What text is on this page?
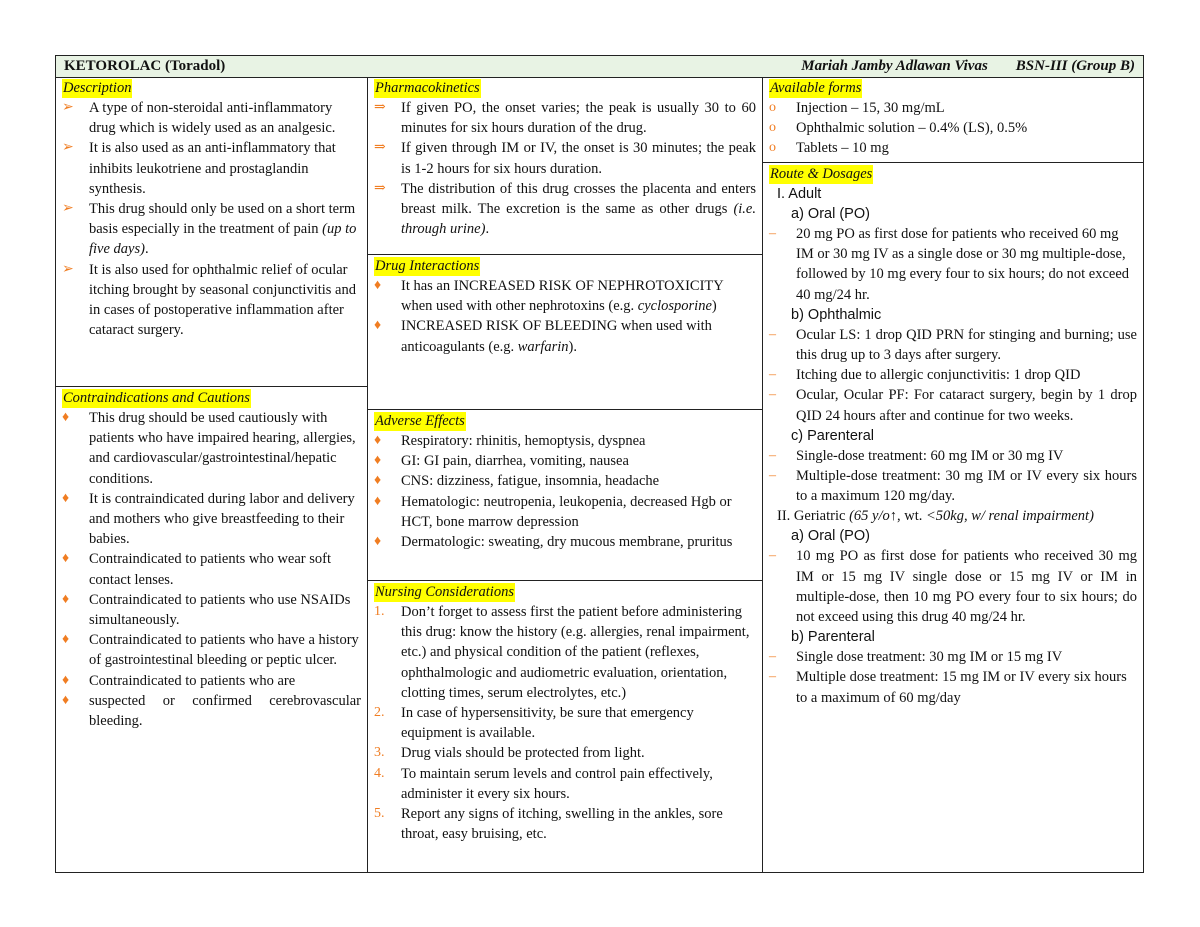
KETOROLAC (Toradol)	Mariah Jamby Adlawan Vivas BSN-III (Group B)
Description
➢	A type of non-steroidal anti-inflammatory drug which is widely used as an analgesic.
➢	It is also used as an anti-inflammatory that inhibits leukotriene and prostaglandin synthesis.
➢	This drug should only be used on a short term basis especially in the treatment of pain (up to five days).
➢	It is also used for ophthalmic relief of ocular itching brought by seasonal conjunctivitis and in cases of postoperative inflammation after cataract surgery.
Contraindications and Cautions
♦	This drug should be used cautiously with patients who have impaired hearing, allergies, and cardiovascular/gastrointestinal/hepatic conditions.
♦	It is contraindicated during labor and delivery and mothers who give breastfeeding to their babies.
♦	Contraindicated to patients who wear soft contact lenses.
♦	Contraindicated to patients who use NSAIDs simultaneously.
♦	Contraindicated to patients who have a history of gastrointestinal bleeding or peptic ulcer.
♦	Contraindicated to patients who are
♦	suspected or confirmed cerebrovascular bleeding.
Pharmacokinetics
⇒	If given PO, the onset varies; the peak is usually 30 to 60 minutes for six hours duration of the drug.
⇒	If given through IM or IV, the onset is 30 minutes; the peak is 1-2 hours for six hours duration.
⇒	The distribution of this drug crosses the placenta and enters breast milk. The excretion is the same as other drugs (i.e. through urine).
Drug Interactions
♦	It has an INCREASED RISK OF NEPHROTOXICITY when used with other nephrotoxins (e.g. cyclosporine)
♦	INCREASED RISK OF BLEEDING when used with anticoagulants (e.g. warfarin).
Adverse Effects
♦	Respiratory: rhinitis, hemoptysis, dyspnea
♦	GI: GI pain, diarrhea, vomiting, nausea
♦	CNS: dizziness, fatigue, insomnia, headache
♦	Hematologic: neutropenia, leukopenia, decreased Hgb or HCT, bone marrow depression
♦	Dermatologic: sweating, dry mucous membrane, pruritus
Nursing Considerations
1.	Don’t forget to assess first the patient before administering this drug: know the history (e.g. allergies, renal impairment, etc.) and physical condition of the patient (reflexes, ophthalmologic and audiometric evaluation, orientation, clotting times, serum electrolytes, etc.)
2.	In case of hypersensitivity, be sure that emergency equipment is available.
3.	Drug vials should be protected from light.
4.	To maintain serum levels and control pain effectively, administer it every six hours.
5.	Report any signs of itching, swelling in the ankles, sore throat, easy bruising, etc.
Available forms
o	Injection – 15, 30 mg/mL
o	Ophthalmic solution – 0.4% (LS), 0.5%
o	Tablets – 10 mg
Route & Dosages
I. Adult
a) Oral (PO)
–	20 mg PO as first dose for patients who received 60 mg IM or 30 mg IV as a single dose or 30 mg multiple-dose, followed by 10 mg every four to six hours; do not exceed 40 mg/24 hr.
b) Ophthalmic
–	Ocular LS: 1 drop QID PRN for stinging and burning; use this drug up to 3 days after surgery.
–	Itching due to allergic conjunctivitis: 1 drop QID
–	Ocular, Ocular PF: For cataract surgery, begin by 1 drop QID 24 hours after and continue for two weeks.
c) Parenteral
–	Single-dose treatment: 60 mg IM or 30 mg IV
–	Multiple-dose treatment: 30 mg IM or IV every six hours to a maximum 120 mg/day.
II. Geriatric (65 y/o↑, wt. <50kg, w/ renal impairment)
a) Oral (PO)
–	10 mg PO as first dose for patients who received 30 mg IM or 15 mg IV single dose or 15 mg IV or IM in multiple-dose, then 10 mg PO every four to six hours; do not exceed using this drug 40 mg/24 hr.
b) Parenteral
–	Single dose treatment: 30 mg IM or 15 mg IV
–	Multiple dose treatment: 15 mg IM or IV every six hours to a maximum of 60 mg/day
